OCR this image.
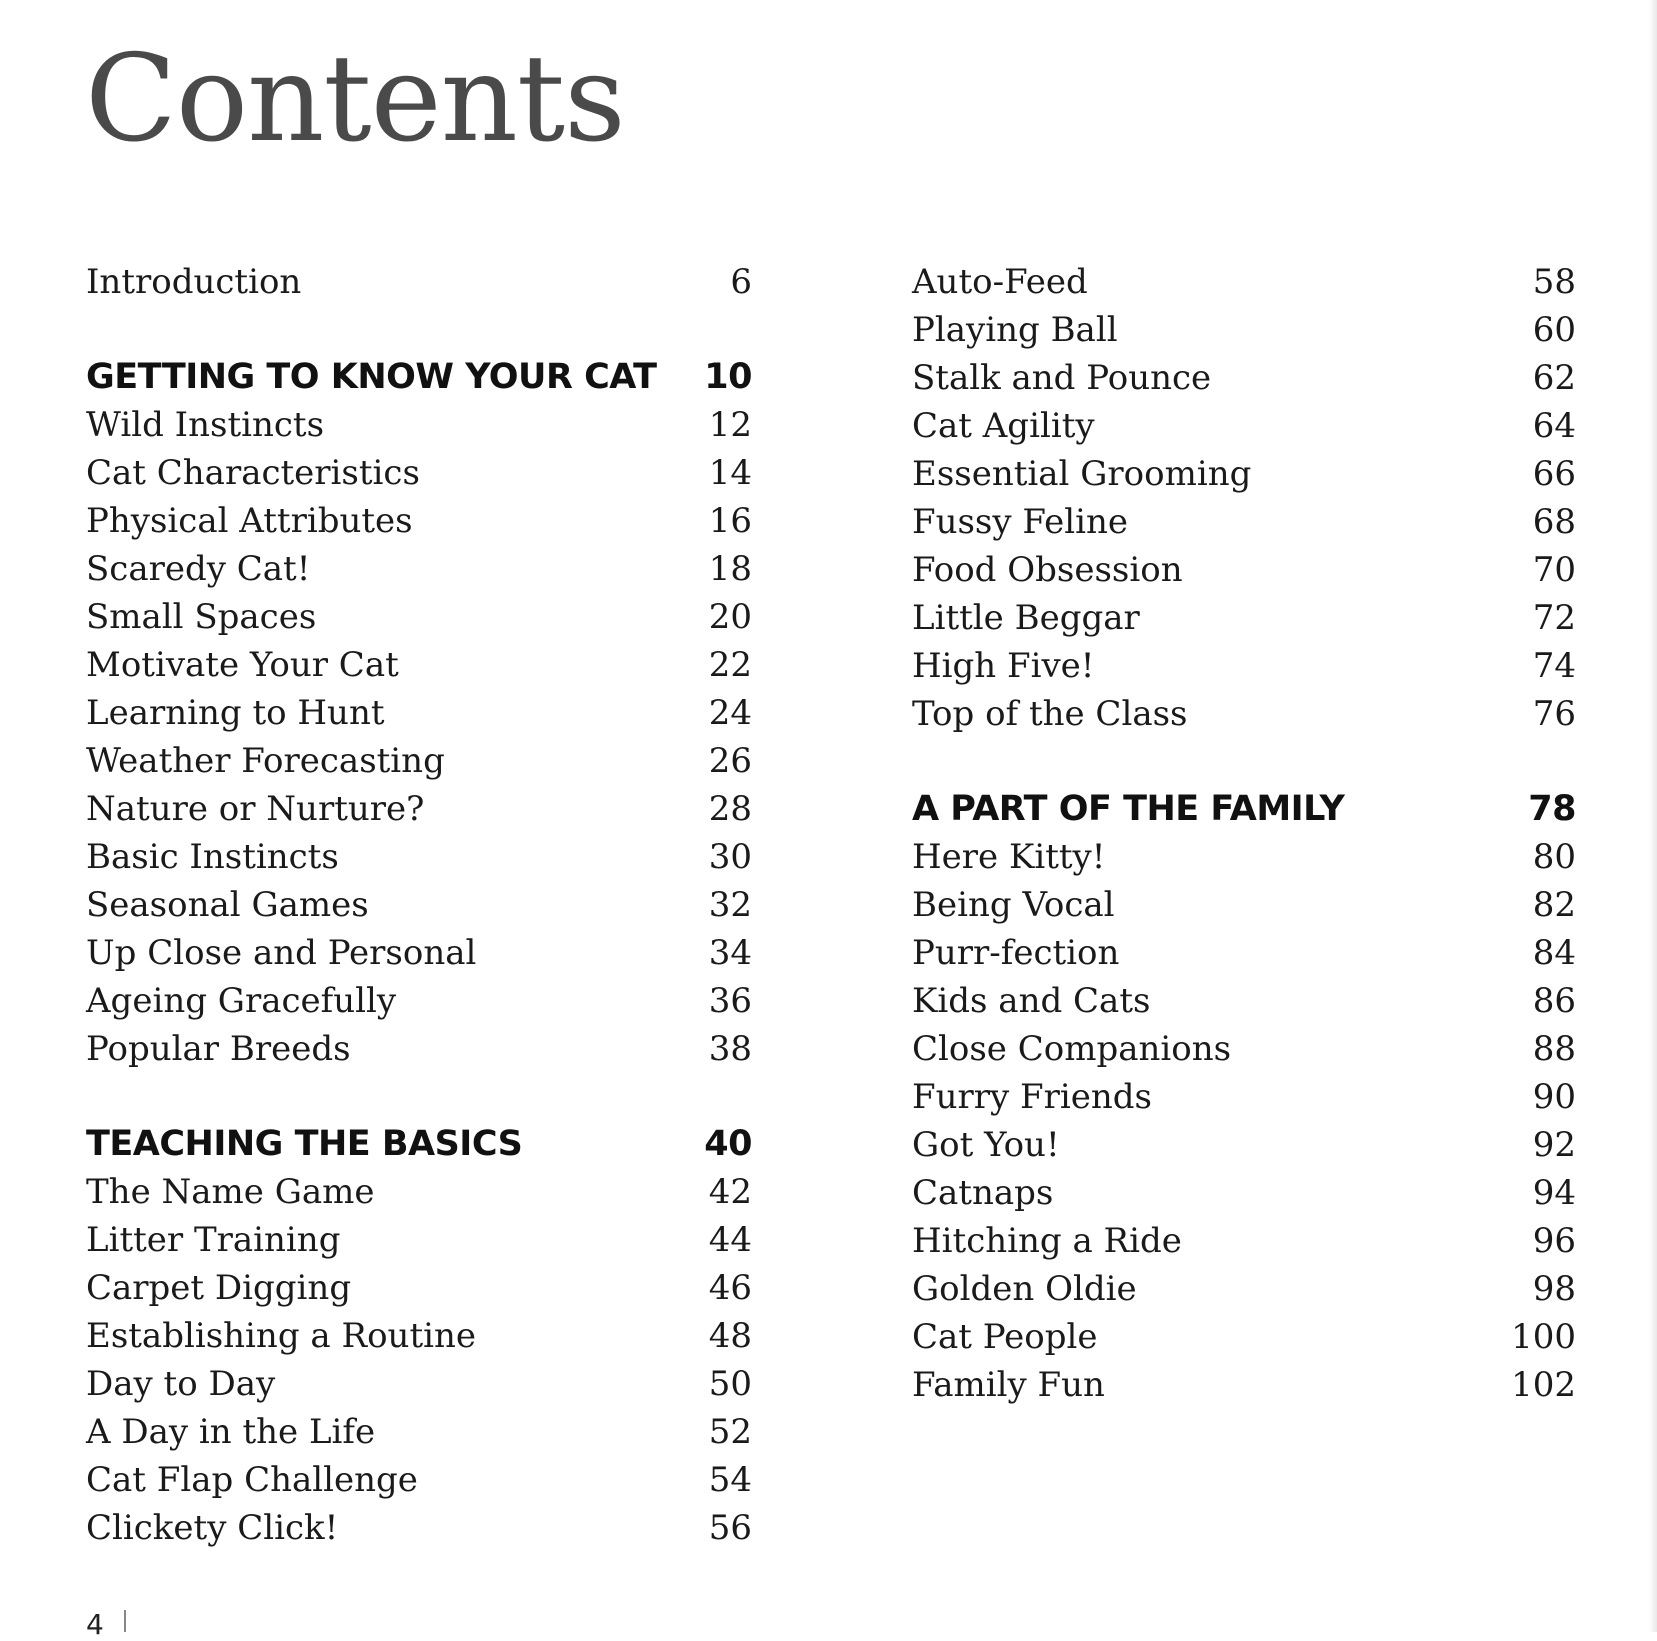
Contents
Introduction	6
GETTING TO KNOW YOUR CAT 10
Wild Instincts	12
Cat Characteristics	14
Physical Attributes	16
Scaredy Cat!	18
Small Spaces	20
Motivate Your Cat	22
Learning to Hunt	24
Weather Forecasting	26
Nature or Nurture?	28
Basic Instincts	30
Seasonal Games	32
Up Close and Personal	34
Ageing Gracefully	36
Popular Breeds	38
TEACHING THE BASICS	40
The Name Game	42
Litter Training	44
Carpet Digging	46
Establishing a Routine	48
Day to Day	50
A Day in the Life	52
Cat Flap Challenge	54
Clickety Click!	56
Auto-Feed	58
Playing Ball	60
Stalk and Pounce	62
Cat Agility	64
Essential Grooming	66
Fussy Feline	68
Food Obsession	70
Little Beggar	72
High Five!	74
Top of the Class	76
A PART OF THE FAMILY	78
Here Kitty!	80
Being Vocal	82
Purr-fection	84
Kids and Cats	86
Close Companions	88
Furry Friends	90
Got You!	92
Catnaps	94
Hitching a Ride	96
Golden Oldie	98
Cat People	100
Family Fun	102
4
